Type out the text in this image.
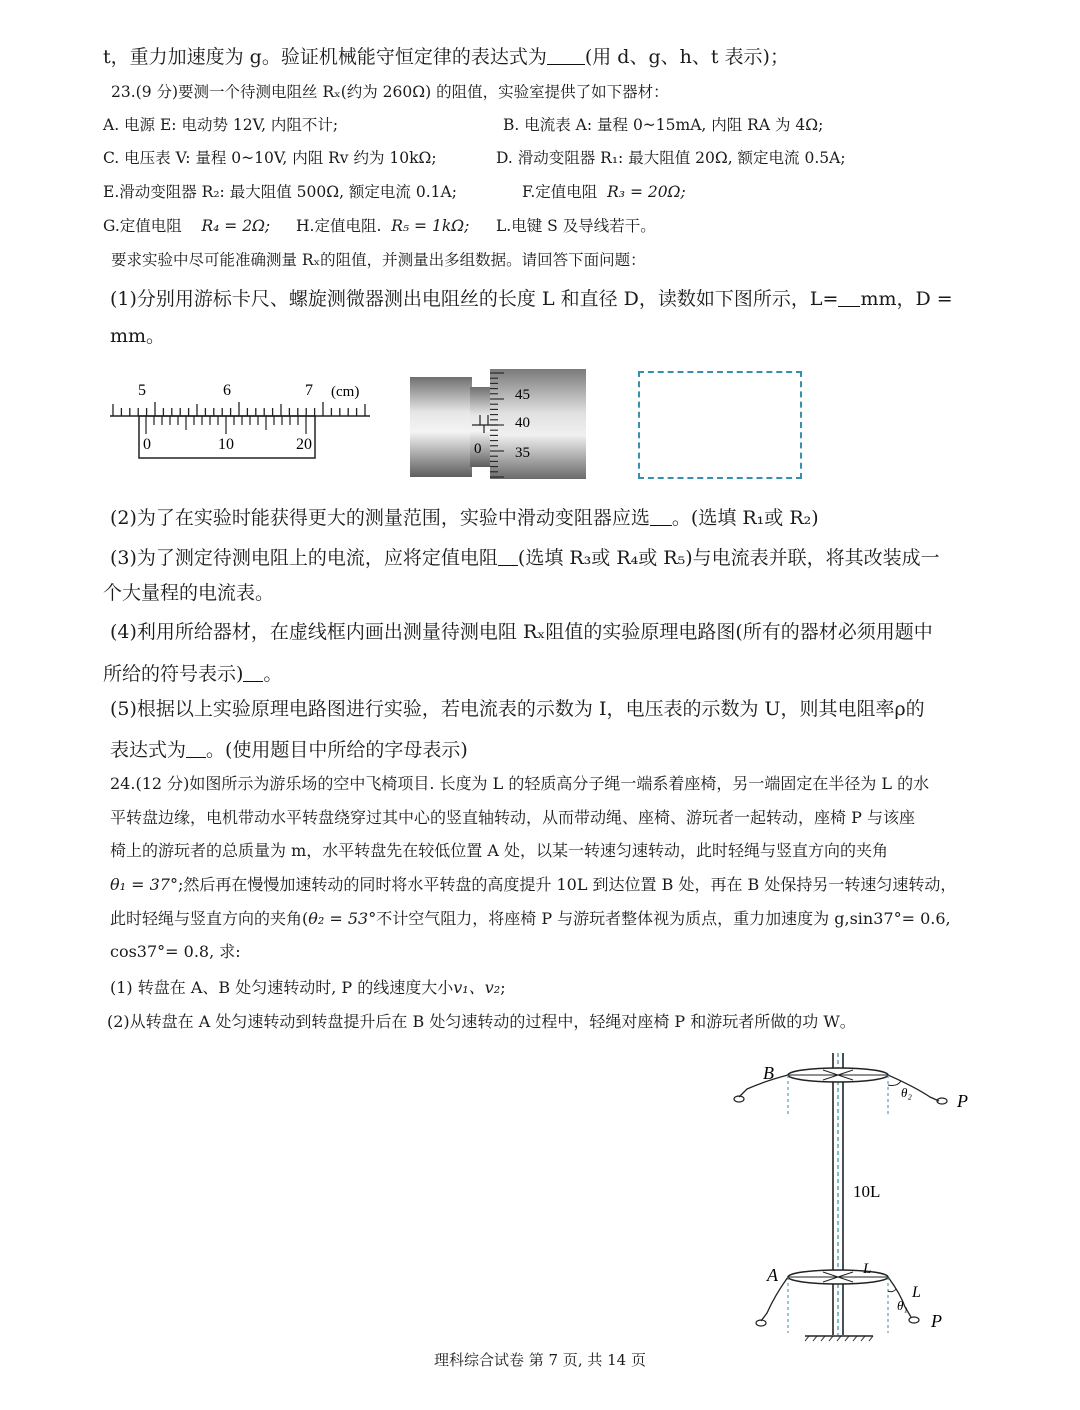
t，重力加速度为 g。验证机械能守恒定律的表达式为 (用 d、g、h、t 表示)；
23.(9 分)要测一个待测电阻丝 Rₓ(约为 260Ω) 的阻值，实验室提供了如下器材：
A. 电源 E: 电动势 12V, 内阻不计;	B. 电流表 A: 量程 0~15mA, 内阻 RA 为 4Ω;
C. 电压表 V: 量程 0~10V, 内阻 Rv 约为 10kΩ;	D. 滑动变阻器 R₁: 最大阻值 20Ω, 额定电流 0.5A;
E.滑动变阻器 R₂: 最大阻值 500Ω, 额定电流 0.1A;	F.定值电阻 R₃ = 20Ω;
G.定值电阻 R₄ = 2Ω; H.定值电阻. R₅ = 1kΩ; L.电键 S 及导线若干。
要求实验中尽可能准确测量 Rₓ的阻值，并测量出多组数据。请回答下面问题：
(1)分别用游标卡尺、螺旋测微器测出电阻丝的长度 L 和直径 D，读数如下图所示，L= mm，D =
mm。
5	6	7 (cm)
0	10	20	0
45
40
35
(2)为了在实验时能获得更大的测量范围，实验中滑动变阻器应选 。(选填 R₁或 R₂)
(3)为了测定待测电阻上的电流，应将定值电阻 (选填 R₃或 R₄或 R₅)与电流表并联，将其改装成一
个大量程的电流表。
(4)利用所给器材，在虚线框内画出测量待测电阻 Rₓ阻值的实验原理电路图(所有的器材必须用题中
所给的符号表示) 。
(5)根据以上实验原理电路图进行实验，若电流表的示数为 I，电压表的示数为 U，则其电阻率ρ的
表达式为 。(使用题目中所给的字母表示)
24.(12 分)如图所示为游乐场的空中飞椅项目. 长度为 L 的轻质高分子绳一端系着座椅，另一端固定在半径为 L 的水
平转盘边缘，电机带动水平转盘绕穿过其中心的竖直轴转动，从而带动绳、座椅、游玩者一起转动，座椅 P 与该座
椅上的游玩者的总质量为 m，水平转盘先在较低位置 A 处，以某一转速匀速转动，此时轻绳与竖直方向的夹角
θ₁ = 37°;然后再在慢慢加速转动的同时将水平转盘的高度提升 10L 到达位置 B 处，再在 B 处保持另一转速匀速转动，
此时轻绳与竖直方向的夹角(θ₂ = 53°不计空气阻力，将座椅 P 与游玩者整体视为质点，重力加速度为 g,sin37°= 0.6,
cos37°= 0.8, 求:
(1) 转盘在 A、B 处匀速转动时, P 的线速度大小v₁、v₂;
(2)从转盘在 A 处匀速转动到转盘提升后在 B 处匀速转动的过程中，轻绳对座椅 P 和游玩者所做的功 W。
B
P
θ₂
10L
A	L
L
θ₁
P
理科综合试卷 第 7 页, 共 14 页
